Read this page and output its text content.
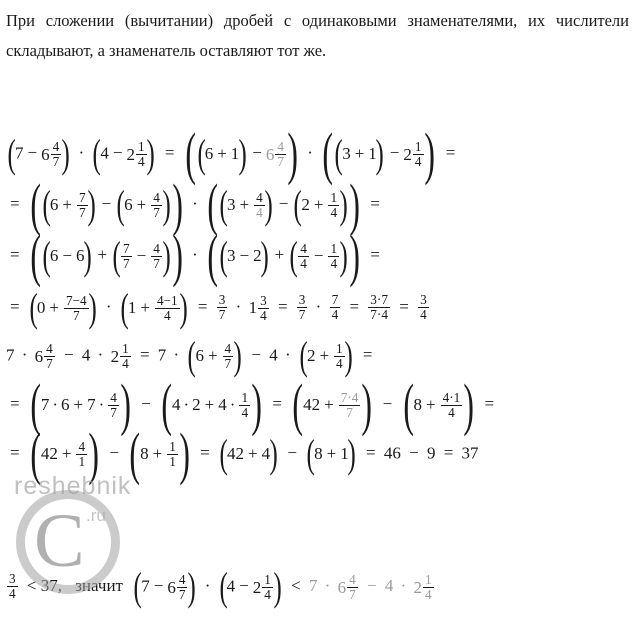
При сложении (вычитании) дробей с одинаковыми знаменателями, их числители складывают, а знаменатель оставляют тот же.

( $7 - 6 \frac{4}{7}$
) · ( $4 - 2 \frac{1}{4}$
) = ( ( 6 + 1 ) − $6 \frac{4}{7}$
) · ( ( 3 + 1 ) − $2 \frac{1}{4}$
) =
= ( ( $6 + \frac{7}{7}$
) − ( $6 + \frac{4}{7}$
) ) · ( ( $3 + \frac{4}{4}$
) − ( $2 + \frac{1}{4}$
) ) =
= ( ( 6 − 6 ) + ( $\frac{7}{7} - \frac{4}{7}$
) ) · ( ( 3 − 2 ) + ( $\frac{4}{4} - \frac{1}{4}$
) ) =
= ( $0 + \frac{7-4}{7}$
) · ( $1 + \frac{4-1}{4}$
) = $\frac{3}{7} \cdot 1 \frac{3}{4} = \frac{3}{7} \cdot \frac{7}{4} = \frac{3\cdot 7}{7\cdot 4} = \frac{3}{4}$
$7 \cdot 6 \frac{4}{7} - 4 \cdot 2 \frac{1}{4} = 7$ · ( $6 + \frac{4}{7}$
) − 4 · ( $2 + \frac{1}{4}$
) =
= ( $7 \cdot 6 + 7 \cdot \frac{4}{7}$
) − ( $4 \cdot 2 + 4 \cdot \frac{1}{4}$
) = ( $42 + \frac{7\cdot 4}{7}$
) − ( $8 + \frac{4\cdot 1}{4}$
) =
= ( $42 + \frac{4}{1}$
) − ( $8 + \frac{1}{1}$
) = ( 42 + 4 ) − ( 8 + 1 ) = 46 − 9 = 37
$\frac{3}{4} < 37$, значит ( $7 - 6 \frac{4}{7}$
) · ( $4 - 2 \frac{1}{4}$
) < $7 \cdot 6 \frac{4}{7} - 4 \cdot 2 \frac{1}{4}$
reshebnik
.ru
C
